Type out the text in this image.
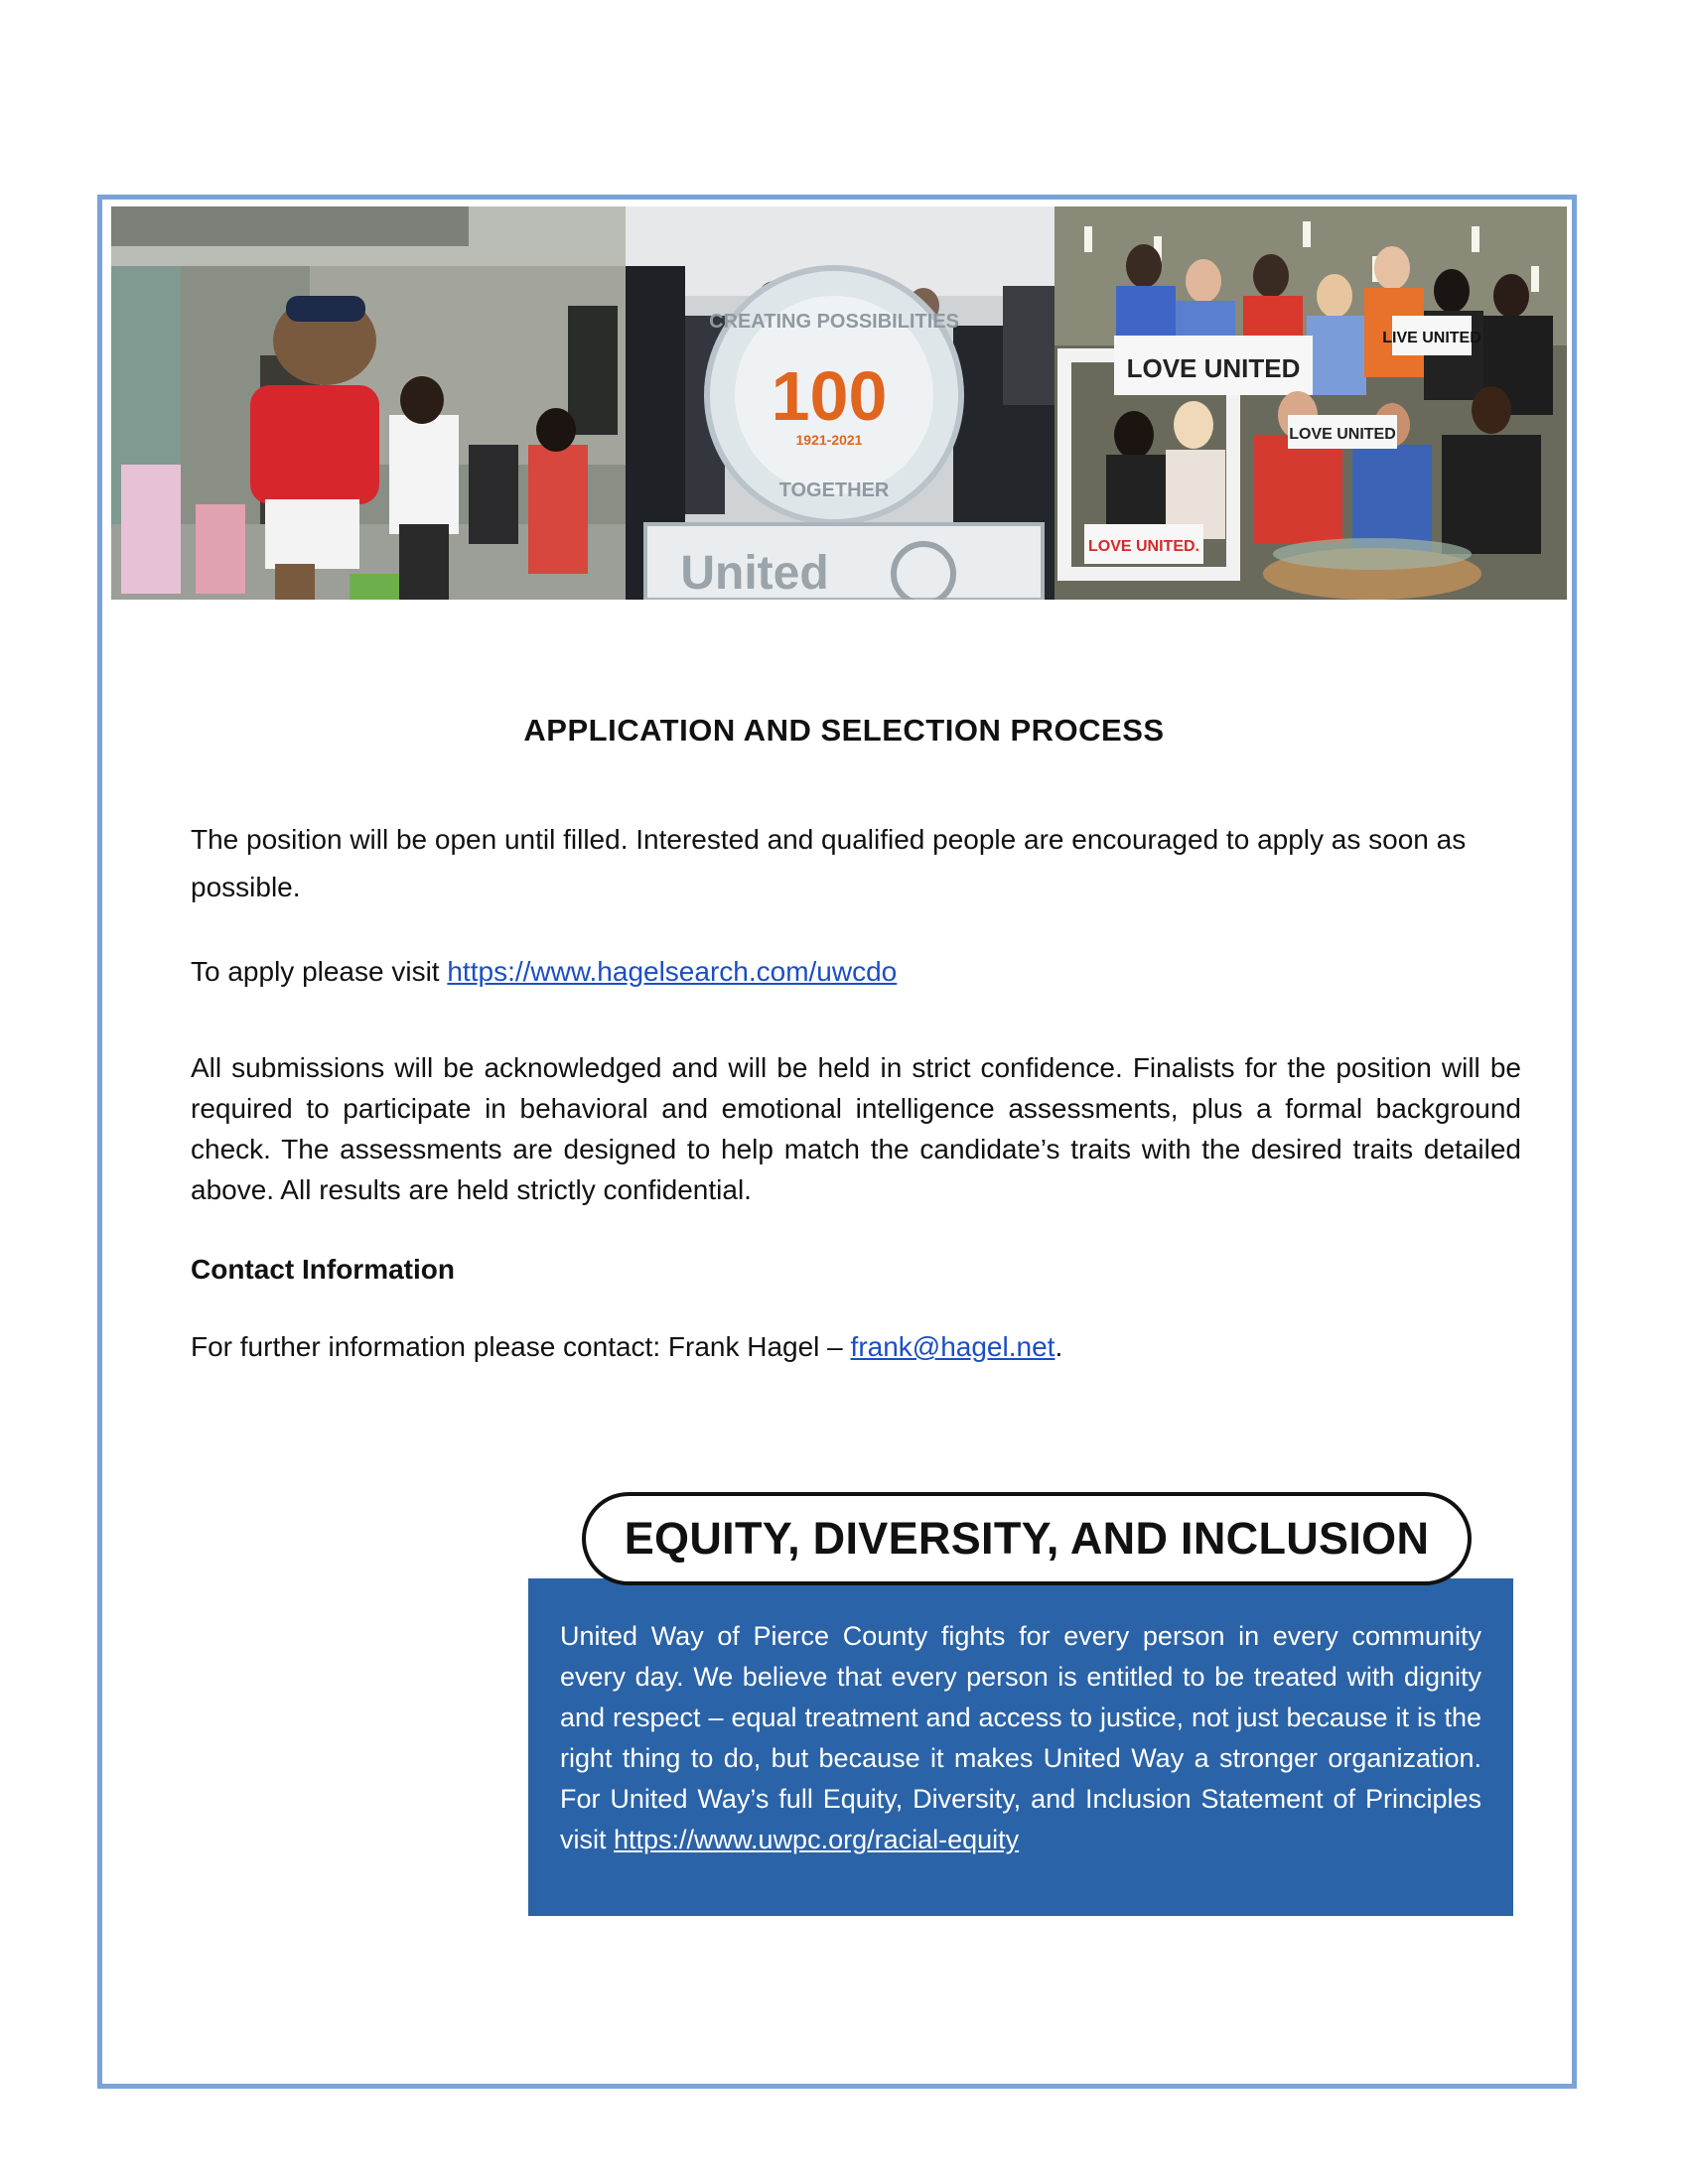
CREATING POSSIBILITIES
100
1921-2021
TOGETHER
United
LOVE UNITED
LIVE UNITED
LOVE UNITED
LOVE UNITED.
APPLICATION AND SELECTION PROCESS
The position will be open until filled. Interested and qualified people are encouraged to apply as soon as possible.
To apply please visit https://www.hagelsearch.com/uwcdo
All submissions will be acknowledged and will be held in strict confidence. Finalists for the position will be required to participate in behavioral and emotional intelligence assessments, plus a formal background check. The assessments are designed to help match the candidate’s traits with the desired traits detailed above. All results are held strictly confidential.
Contact Information
For further information please contact: Frank Hagel – frank@hagel.net.
United Way of Pierce County fights for every person in every community every day. We believe that every person is entitled to be treated with dignity and respect – equal treatment and access to justice, not just because it is the right thing to do, but because it makes United Way a stronger organization. For United Way’s full Equity, Diversity, and Inclusion Statement of Principles visit https://www.uwpc.org/racial-equity
EQUITY, DIVERSITY, AND INCLUSION
